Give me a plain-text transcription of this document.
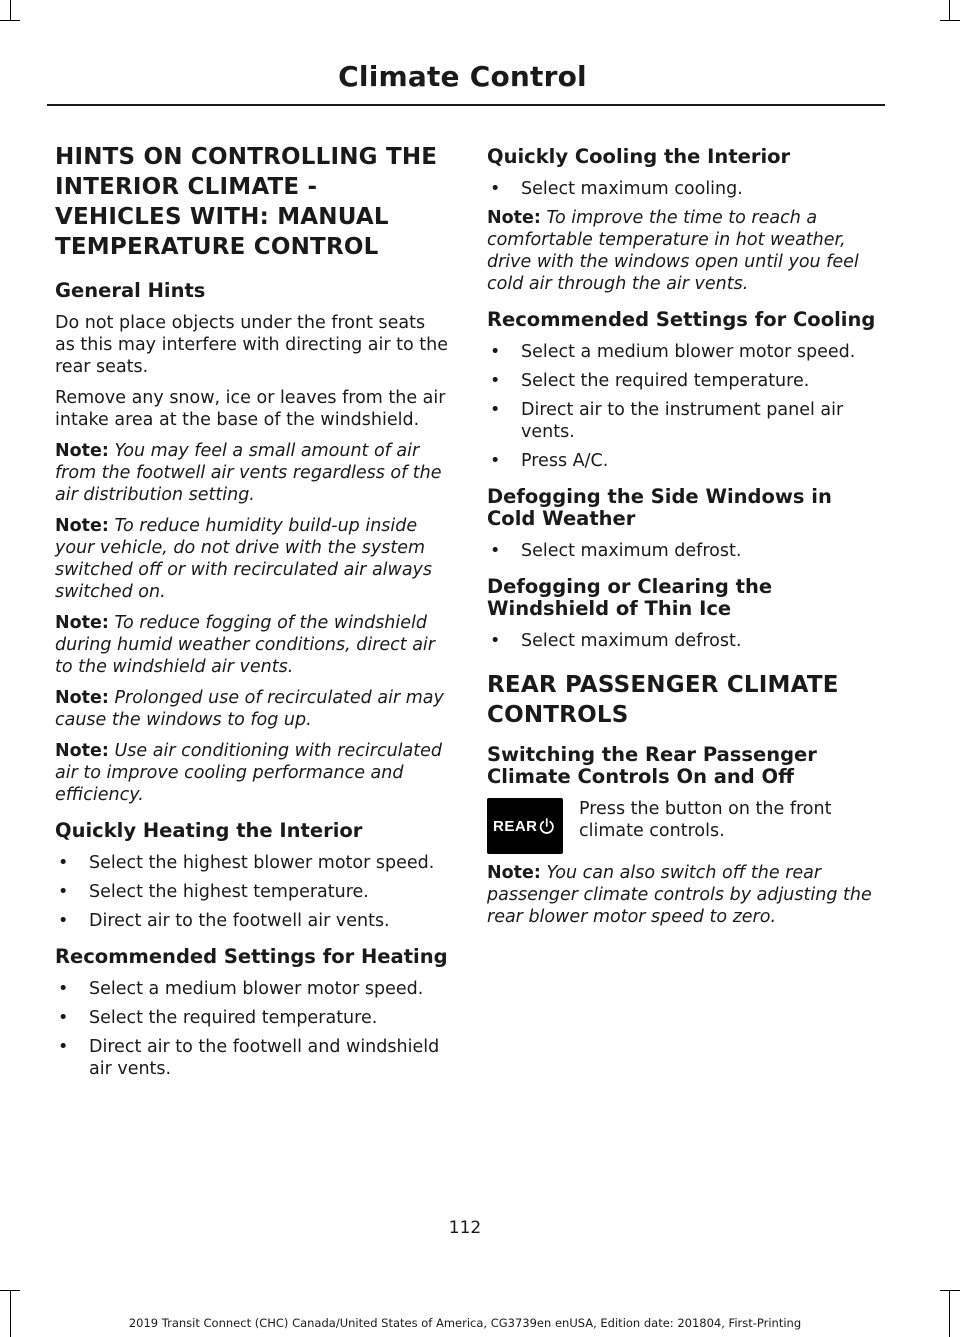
Climate Control
HINTS ON CONTROLLING THE INTERIOR CLIMATE - VEHICLES WITH: MANUAL TEMPERATURE CONTROL
General Hints
Do not place objects under the front seats as this may interfere with directing air to the rear seats.
Remove any snow, ice or leaves from the air intake area at the base of the windshield.
Note: You may feel a small amount of air from the footwell air vents regardless of the air distribution setting.
Note: To reduce humidity build-up inside your vehicle, do not drive with the system switched off or with recirculated air always switched on.
Note: To reduce fogging of the windshield during humid weather conditions, direct air to the windshield air vents.
Note: Prolonged use of recirculated air may cause the windows to fog up.
Note: Use air conditioning with recirculated air to improve cooling performance and efficiency.
Quickly Heating the Interior
• Select the highest blower motor speed.
• Select the highest temperature.
• Direct air to the footwell air vents.
Recommended Settings for Heating
• Select a medium blower motor speed.
• Select the required temperature.
• Direct air to the footwell and windshield air vents.
Quickly Cooling the Interior
• Select maximum cooling.
Note: To improve the time to reach a comfortable temperature in hot weather, drive with the windows open until you feel cold air through the air vents.
Recommended Settings for Cooling
• Select a medium blower motor speed.
• Select the required temperature.
• Direct air to the instrument panel air vents.
• Press A/C.
Defogging the Side Windows in Cold Weather
• Select maximum defrost.
Defogging or Clearing the Windshield of Thin Ice
• Select maximum defrost.
REAR PASSENGER CLIMATE CONTROLS
Switching the Rear Passenger Climate Controls On and Off
REAR
Press the button on the front climate controls.
Note: You can also switch off the rear passenger climate controls by adjusting the rear blower motor speed to zero.
112
2019 Transit Connect (CHC) Canada/United States of America, CG3739en enUSA, Edition date: 201804, First-Printing
